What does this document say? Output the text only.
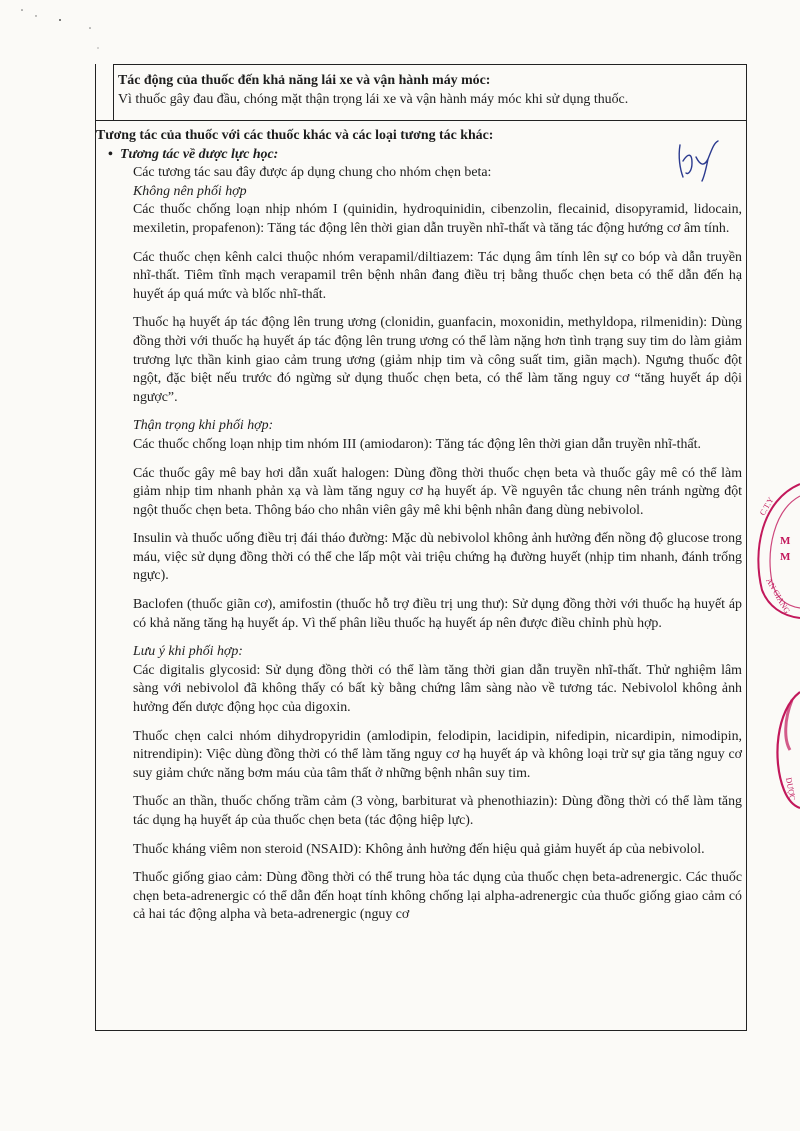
Tác động của thuốc đến khả năng lái xe và vận hành máy móc:
Vì thuốc gây đau đầu, chóng mặt thận trọng lái xe và vận hành máy móc khi sử dụng thuốc.
Tương tác của thuốc với các thuốc khác và các loại tương tác khác:
• Tương tác về dược lực học:

Các tương tác sau đây được áp dụng chung cho nhóm chẹn beta:

Không nên phối hợp

Các thuốc chống loạn nhịp nhóm I (quinidin, hydroquinidin, cibenzolin, flecainid, disopyramid, lidocain, mexiletin, propafenon): Tăng tác động lên thời gian dẫn truyền nhĩ-thất và tăng tác động hướng cơ âm tính.

Các thuốc chẹn kênh calci thuộc nhóm verapamil/diltiazem: Tác dụng âm tính lên sự co bóp và dẫn truyền nhĩ-thất. Tiêm tĩnh mạch verapamil trên bệnh nhân đang điều trị bằng thuốc chẹn beta có thể dẫn đến hạ huyết áp quá mức và blốc nhĩ-thất.

Thuốc hạ huyết áp tác động lên trung ương (clonidin, guanfacin, moxonidin, methyldopa, rilmenidin): Dùng đồng thời với thuốc hạ huyết áp tác động lên trung ương có thể làm nặng hơn tình trạng suy tim do làm giảm trương lực thần kinh giao cảm trung ương (giảm nhịp tim và công suất tim, giãn mạch). Ngưng thuốc đột ngột, đặc biệt nếu trước đó ngừng sử dụng thuốc chẹn beta, có thể làm tăng nguy cơ “tăng huyết áp dội ngược”.

Thận trọng khi phối hợp:

Các thuốc chống loạn nhịp tim nhóm III (amiodaron): Tăng tác động lên thời gian dẫn truyền nhĩ-thất.

Các thuốc gây mê bay hơi dẫn xuất halogen: Dùng đồng thời thuốc chẹn beta và thuốc gây mê có thể làm giảm nhịp tim nhanh phản xạ và làm tăng nguy cơ hạ huyết áp. Về nguyên tắc chung nên tránh ngừng đột ngột thuốc chẹn beta. Thông báo cho nhân viên gây mê khi bệnh nhân đang dùng nebivolol.

Insulin và thuốc uống điều trị đái tháo đường: Mặc dù nebivolol không ảnh hưởng đến nồng độ glucose trong máu, việc sử dụng đồng thời có thể che lấp một vài triệu chứng hạ đường huyết (nhịp tim nhanh, đánh trống ngực).

Baclofen (thuốc giãn cơ), amifostin (thuốc hỗ trợ điều trị ung thư): Sử dụng đồng thời với thuốc hạ huyết áp có khả năng tăng hạ huyết áp. Vì thế phân liều thuốc hạ huyết áp nên được điều chỉnh phù hợp.

Lưu ý khi phối hợp:

Các digitalis glycosid: Sử dụng đồng thời có thể làm tăng thời gian dẫn truyền nhĩ-thất. Thử nghiệm lâm sàng với nebivolol đã không thấy có bất kỳ bằng chứng lâm sàng nào về tương tác. Nebivolol không ảnh hưởng đến dược động học của digoxin.

Thuốc chẹn calci nhóm dihydropyridin (amlodipin, felodipin, lacidipin, nifedipin, nicardipin, nimodipin, nitrendipin): Việc dùng đồng thời có thể làm tăng nguy cơ hạ huyết áp và không loại trừ sự gia tăng nguy cơ suy giảm chức năng bơm máu của tâm thất ở những bệnh nhân suy tim.

Thuốc an thần, thuốc chống trầm cảm (3 vòng, barbiturat và phenothiazin): Dùng đồng thời có thể làm tăng tác dụng hạ huyết áp của thuốc chẹn beta (tác động hiệp lực).

Thuốc kháng viêm non steroid (NSAID): Không ảnh hưởng đến hiệu quả giảm huyết áp của nebivolol.

Thuốc giống giao cảm: Dùng đồng thời có thể trung hòa tác dụng của thuốc chẹn beta-adrenergic. Các thuốc chẹn beta-adrenergic có thể dẫn đến hoạt tính không chống lại alpha-adrenergic của thuốc giống giao cảm có cả hai tác động alpha và beta-adrenergic (nguy cơ

M
M
C.T.Y
AN GIANG
DƯỢC
